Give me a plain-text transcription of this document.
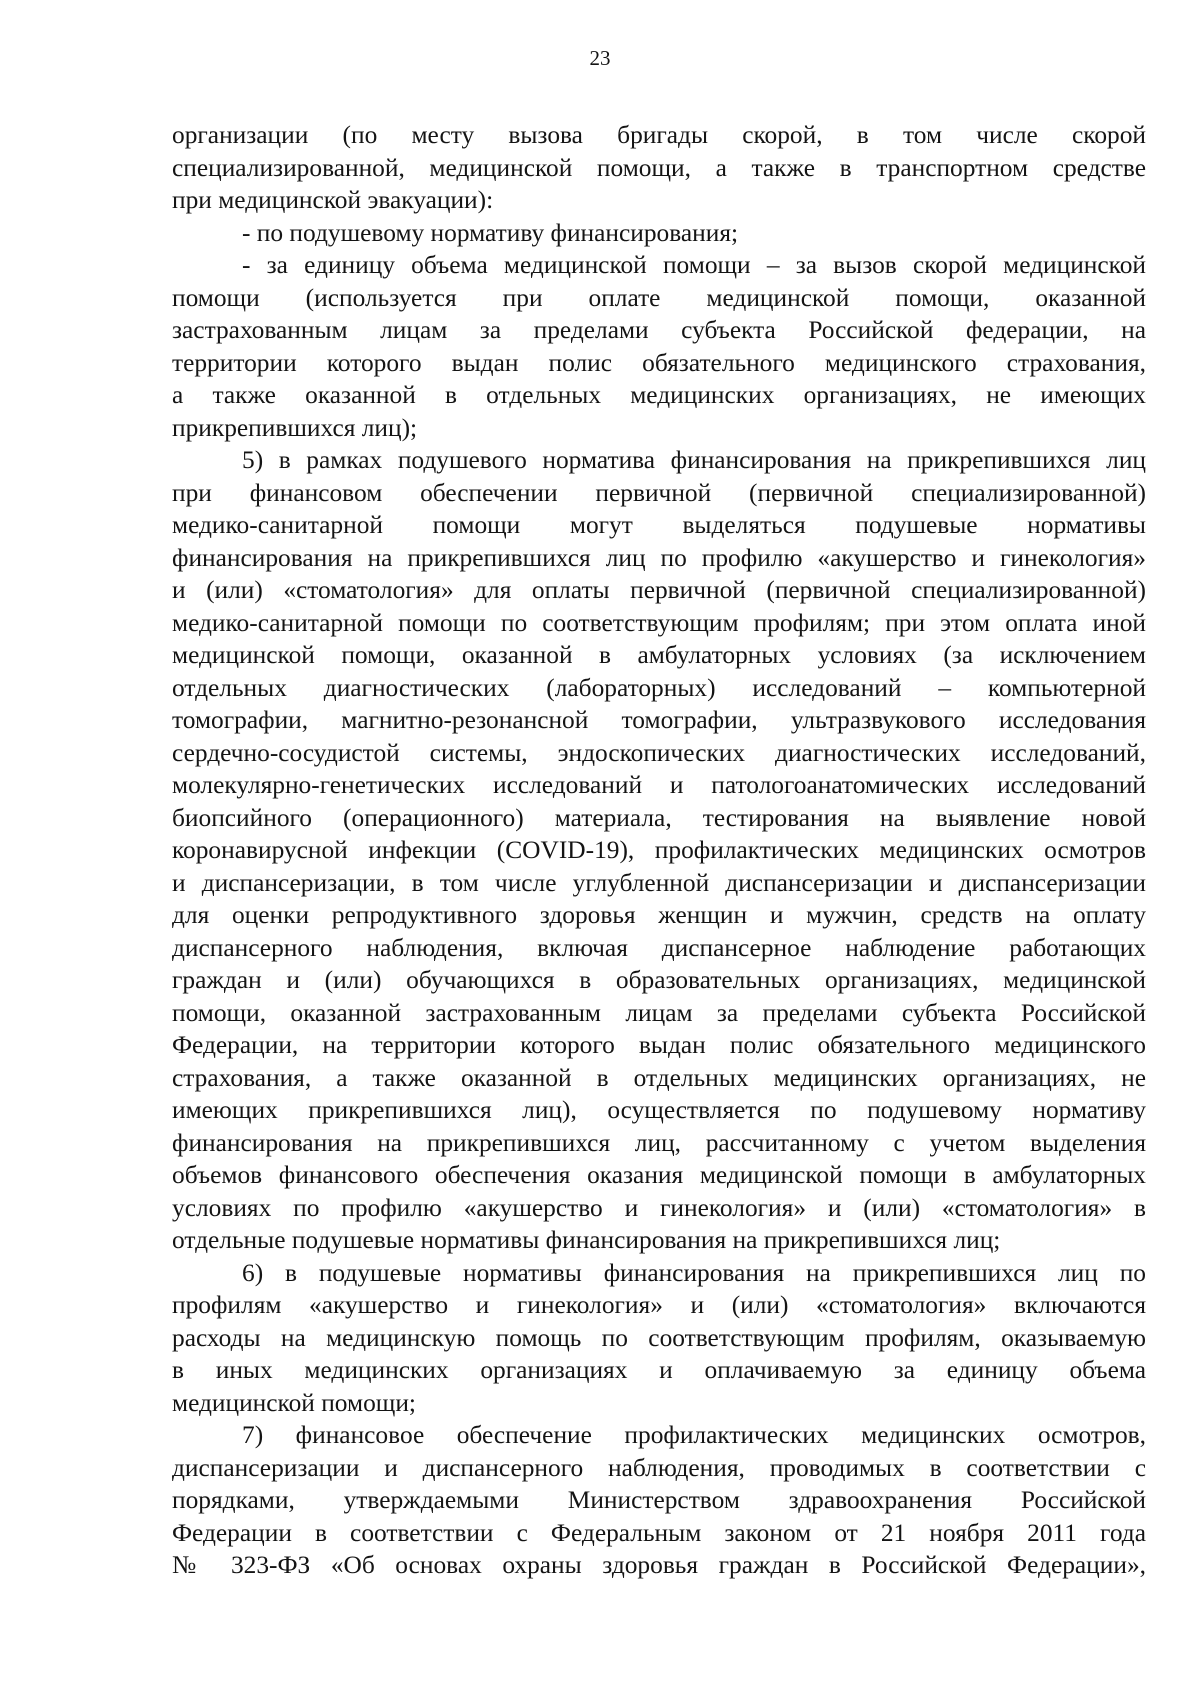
23
организации (по месту вызова бригады скорой, в том числе скорой
специализированной, медицинской помощи, а также в транспортном средстве
при медицинской эвакуации):
- по подушевому нормативу финансирования;
- за единицу объема медицинской помощи – за вызов скорой медицинской
помощи (используется при оплате медицинской помощи, оказанной
застрахованным лицам за пределами субъекта Российской федерации, на
территории которого выдан полис обязательного медицинского страхования,
а также оказанной в отдельных медицинских организациях, не имеющих
прикрепившихся лиц);
5) в рамках подушевого норматива финансирования на прикрепившихся лиц
при финансовом обеспечении первичной (первичной специализированной)
медико-санитарной помощи могут выделяться подушевые нормативы
финансирования на прикрепившихся лиц по профилю «акушерство и гинекология»
и (или) «стоматология» для оплаты первичной (первичной специализированной)
медико-санитарной помощи по соответствующим профилям; при этом оплата иной
медицинской помощи, оказанной в амбулаторных условиях (за исключением
отдельных диагностических (лабораторных) исследований – компьютерной
томографии, магнитно-резонансной томографии, ультразвукового исследования
сердечно-сосудистой системы, эндоскопических диагностических исследований,
молекулярно-генетических исследований и патологоанатомических исследований
биопсийного (операционного) материала, тестирования на выявление новой
коронавирусной инфекции (COVID-19), профилактических медицинских осмотров
и диспансеризации, в том числе углубленной диспансеризации и диспансеризации
для оценки репродуктивного здоровья женщин и мужчин, средств на оплату
диспансерного наблюдения, включая диспансерное наблюдение работающих
граждан и (или) обучающихся в образовательных организациях, медицинской
помощи, оказанной застрахованным лицам за пределами субъекта Российской
Федерации, на территории которого выдан полис обязательного медицинского
страхования, а также оказанной в отдельных медицинских организациях, не
имеющих прикрепившихся лиц), осуществляется по подушевому нормативу
финансирования на прикрепившихся лиц, рассчитанному с учетом выделения
объемов финансового обеспечения оказания медицинской помощи в амбулаторных
условиях по профилю «акушерство и гинекология» и (или) «стоматология» в
отдельные подушевые нормативы финансирования на прикрепившихся лиц;
6) в подушевые нормативы финансирования на прикрепившихся лиц по
профилям «акушерство и гинекология» и (или) «стоматология» включаются
расходы на медицинскую помощь по соответствующим профилям, оказываемую
в иных медицинских организациях и оплачиваемую за единицу объема
медицинской помощи;
7) финансовое обеспечение профилактических медицинских осмотров,
диспансеризации и диспансерного наблюдения, проводимых в соответствии с
порядками, утверждаемыми Министерством здравоохранения Российской
Федерации в соответствии с Федеральным законом от 21 ноября 2011 года
№ 323-ФЗ «Об основах охраны здоровья граждан в Российской Федерации»,
